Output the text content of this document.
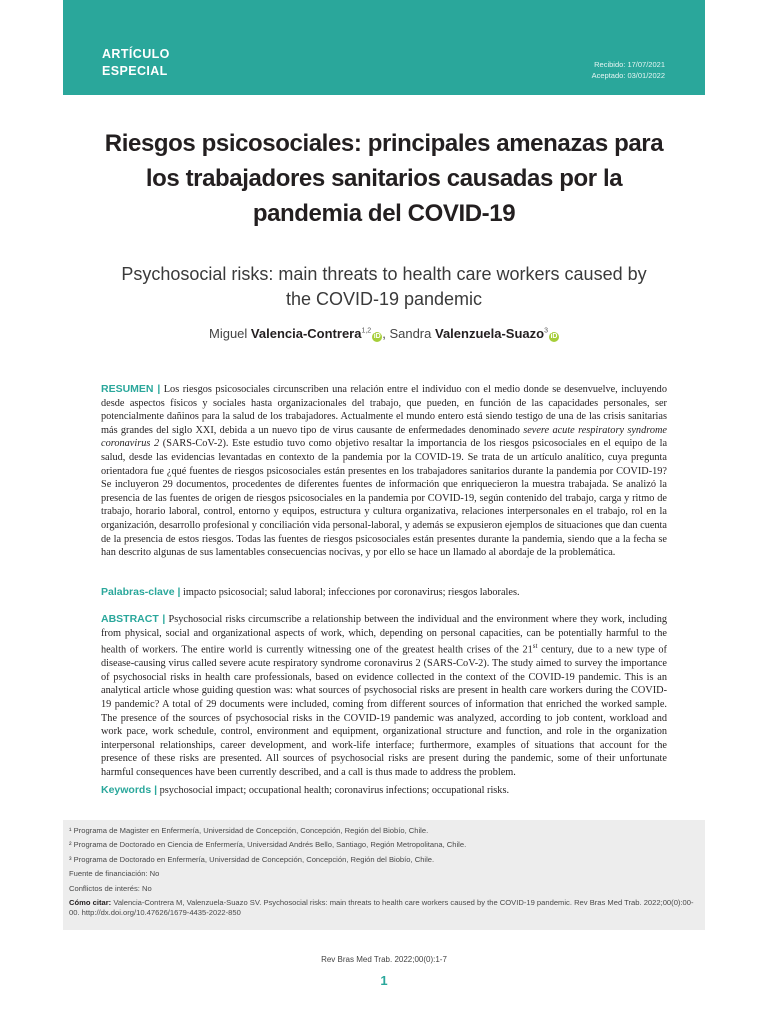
ARTÍCULO
ESPECIAL	Recibido: 17/07/2021
Aceptado: 03/01/2022
Riesgos psicosociales: principales amenazas para los trabajadores sanitarios causadas por la pandemia del COVID-19
Psychosocial risks: main threats to health care workers caused by the COVID-19 pandemic
Miguel Valencia-Contrera$^{1,2}$iD , Sandra Valenzuela-Suazo$^3$iD
RESUMEN | Los riesgos psicosociales circunscriben una relación entre el individuo con el medio donde se desenvuelve, incluyendo desde aspectos físicos y sociales hasta organizacionales del trabajo, que pueden, en función de las capacidades personales, ser potencialmente dañinos para la salud de los trabajadores. Actualmente el mundo entero está siendo testigo de una de las crisis sanitarias más grandes del siglo XXI, debida a un nuevo tipo de virus causante de enfermedades denominado severe acute respiratory syndrome coronavirus 2 (SARS-CoV-2). Este estudio tuvo como objetivo resaltar la importancia de los riesgos psicosociales en el equipo de la salud, desde las evidencias levantadas en contexto de la pandemia por la COVID-19. Se trata de un artículo analítico, cuya pregunta orientadora fue ¿qué fuentes de riesgos psicosociales están presentes en los trabajadores sanitarios durante la pandemia por COVID-19? Se incluyeron 29 documentos, procedentes de diferentes fuentes de información que enriquecieron la muestra trabajada. Se analizó la presencia de las fuentes de origen de riesgos psicosociales en la pandemia por COVID-19, según contenido del trabajo, carga y ritmo de trabajo, horario laboral, control, entorno y equipos, estructura y cultura organizativa, relaciones interpersonales en el trabajo, rol en la organización, desarrollo profesional y conciliación vida personal-laboral, y además se expusieron ejemplos de situaciones que dan cuenta de la presencia de estos riesgos. Todas las fuentes de riesgos psicosociales están presentes durante la pandemia, siendo que a la fecha se han descrito algunas de sus lamentables consecuencias nocivas, y por ello se hace un llamado al abordaje de la problemática.
Palabras-clave | impacto psicosocial; salud laboral; infecciones por coronavirus; riesgos laborales.
ABSTRACT | Psychosocial risks circumscribe a relationship between the individual and the environment where they work, including from physical, social and organizational aspects of work, which, depending on personal capacities, can be potentially harmful to the health of workers. The entire world is currently witnessing one of the greatest health crises of the 21st century, due to a new type of disease-causing virus called severe acute respiratory syndrome coronavirus 2 (SARS-CoV-2). The study aimed to survey the importance of psychosocial risks in health care professionals, based on evidence collected in the context of the COVID-19 pandemic. This is an analytical article whose guiding question was: what sources of psychosocial risks are present in health care workers during the COVID-19 pandemic? A total of 29 documents were included, coming from different sources of information that enriched the worked sample. The presence of the sources of psychosocial risks in the COVID-19 pandemic was analyzed, according to job content, workload and work pace, work schedule, control, environment and equipment, organizational structure and function, and role in the organization interpersonal relationships, career development, and work-life interface; furthermore, examples of situations that account for the presence of these risks are presented. All sources of psychosocial risks are present during the pandemic, some of their unfortunate harmful consequences have been currently described, and a call is thus made to address the problem.
Keywords | psychosocial impact; occupational health; coronavirus infections; occupational risks.
¹ Programa de Magister en Enfermería, Universidad de Concepción, Concepción, Región del Biobío, Chile.
² Programa de Doctorado en Ciencia de Enfermería, Universidad Andrés Bello, Santiago, Región Metropolitana, Chile.
³ Programa de Doctorado en Enfermería, Universidad de Concepción, Concepción, Región del Biobío, Chile.
Fuente de financiación: No
Conflictos de interés: No
Cómo citar: Valencia-Contrera M, Valenzuela-Suazo SV. Psychosocial risks: main threats to health care workers caused by the COVID-19 pandemic. Rev Bras Med Trab. 2022;00(0):00-00. http://dx.doi.org/10.47626/1679-4435-2022-850
Rev Bras Med Trab. 2022;00(0):1-7
1
